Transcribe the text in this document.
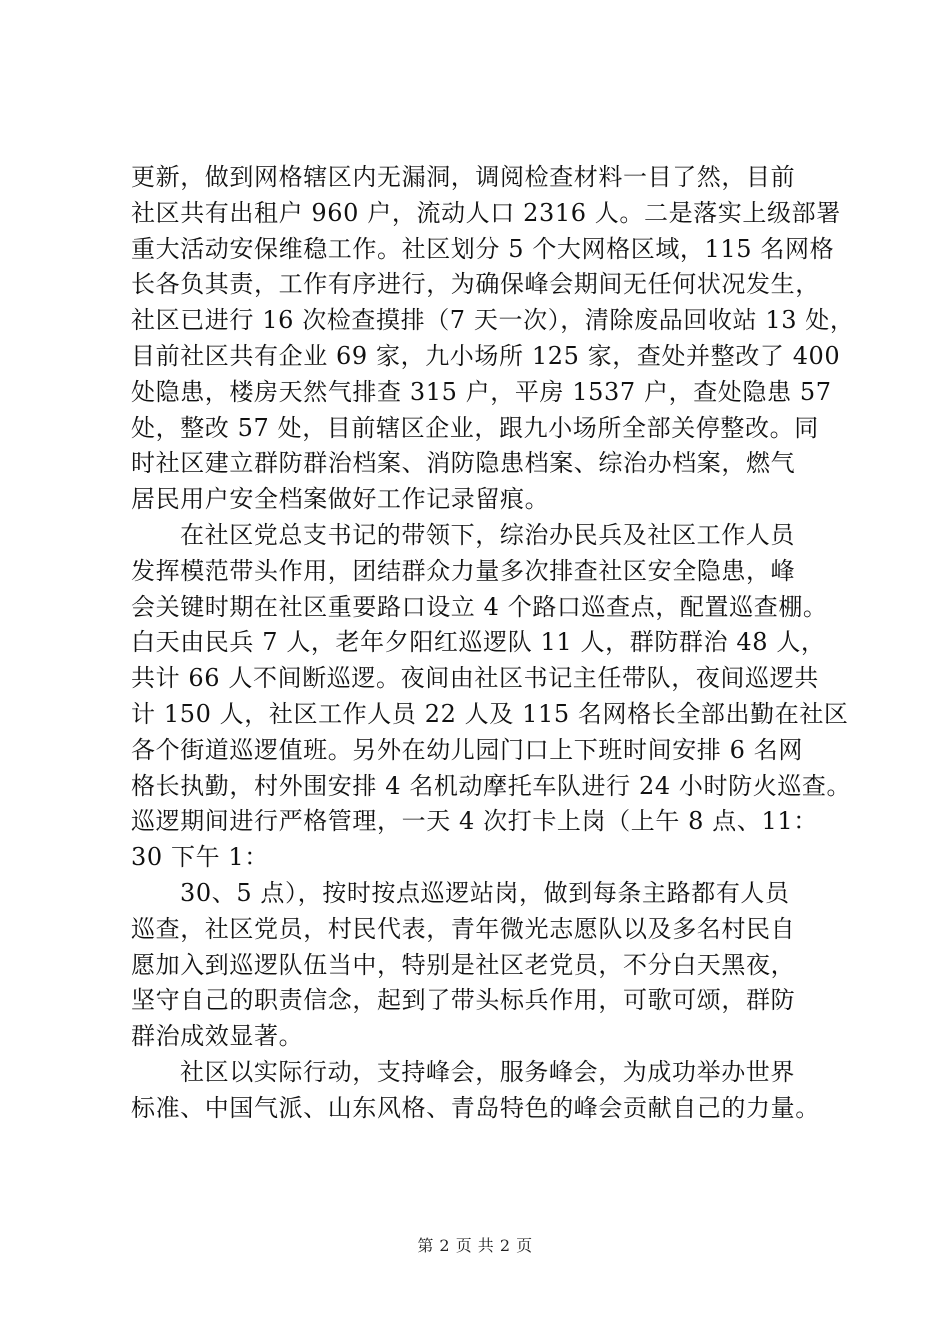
更新，做到网格辖区内无漏洞，调阅检查材料一目了然，目前

社区共有出租户 960 户，流动人口 2316 人。二是落实上级部署

重大活动安保维稳工作。社区划分 5 个大网格区域，115 名网格

长各负其责，工作有序进行，为确保峰会期间无任何状况发生，

社区已进行 16 次检查摸排（7 天一次），清除废品回收站 13 处，

目前社区共有企业 69 家，九小场所 125 家，查处并整改了 400

处隐患，楼房天然气排查 315 户，平房 1537 户，查处隐患 57

处，整改 57 处，目前辖区企业，跟九小场所全部关停整改。同

时社区建立群防群治档案、消防隐患档案、综治办档案，燃气

居民用户安全档案做好工作记录留痕。

在社区党总支书记的带领下，综治办民兵及社区工作人员

发挥模范带头作用，团结群众力量多次排查社区安全隐患，峰

会关键时期在社区重要路口设立 4 个路口巡查点，配置巡查棚。

白天由民兵 7 人，老年夕阳红巡逻队 11 人，群防群治 48 人，

共计 66 人不间断巡逻。夜间由社区书记主任带队，夜间巡逻共

计 150 人，社区工作人员 22 人及 115 名网格长全部出勤在社区

各个街道巡逻值班。另外在幼儿园门口上下班时间安排 6 名网

格长执勤，村外围安排 4 名机动摩托车队进行 24 小时防火巡查。

巡逻期间进行严格管理，一天 4 次打卡上岗（上午 8 点、11：

30 下午 1：

30、5 点），按时按点巡逻站岗，做到每条主路都有人员

巡查，社区党员，村民代表，青年微光志愿队以及多名村民自

愿加入到巡逻队伍当中，特别是社区老党员，不分白天黑夜，

坚守自己的职责信念，起到了带头标兵作用，可歌可颂，群防

群治成效显著。

社区以实际行动，支持峰会，服务峰会，为成功举办世界

标准、中国气派、山东风格、青岛特色的峰会贡献自己的力量。

第 2 页 共 2 页
